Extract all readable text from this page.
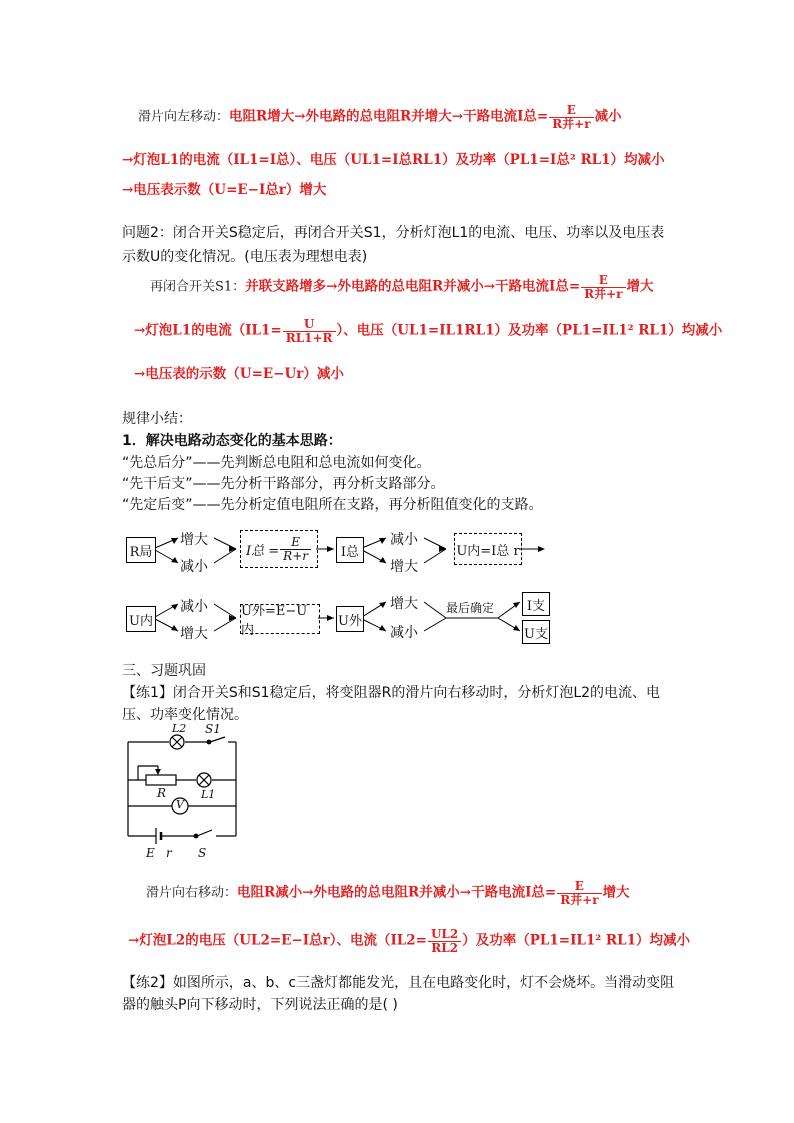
滑片向左移动：电阻R增大→外电路的总电阻R并增大→干路电流I总= $\frac{E}{\text{R并+r}}$ 减小
→灯泡L1的电流（IL1=I总）、电压（UL1=I总RL1）及功率（PL1=I总² RL1）均减小
→电压表示数（U=E−I总r）增大
问题2：闭合开关S稳定后，再闭合开关S1，分析灯泡L1的电流、电压、功率以及电压表
示数U的变化情况。(电压表为理想电表)
再闭合开关S1：并联支路增多→外电路的总电阻R并减小→干路电流I总= $\frac{E}{\text{R并+r}}$ 增大
→灯泡L1的电流（$IL1= \frac{U}{RL1+R}$ ）、电压（UL1=IL1RL1）及功率（PL1=IL1² RL1）均减小
→电压表的示数（U=E−Ur）减小
规律小结：
1．解决电路动态变化的基本思路：
“先总后分”——先判断总电阻和总电流如何变化。
“先干后支”——先分析干路部分，再分析支路部分。
“先定后变”——先分析定值电阻所在支路，再分析阻值变化的支路。
R局
增大
减小
I总 = $\frac{E}{R+r}$	I总
减小
增大
U内=I总 r
U内
减小
增大
U外=E−U内
U外
增大
减小
最后确定	I支
U支
三、习题巩固
【练1】闭合开关S和S1稳定后，将变阻器R的滑片向右移动时，分析灯泡L2的电流、电
压、功率变化情况。
L2 S1
R	L1
V
E r S
滑片向右移动：电阻R减小→外电路的总电阻R并减小→干路电流I总= $\frac{E}{\text{R并+r}}$ 增大
→灯泡L2的电压（UL2=E−I总r）、电流（$IL2= \frac{UL2}{RL2}$ ）及功率（PL1=IL1² RL1）均减小
【练2】如图所示，a、b、c三盏灯都能发光，且在电路变化时，灯不会烧坏。当滑动变阻
器的触头P向下移动时，下列说法正确的是( )
